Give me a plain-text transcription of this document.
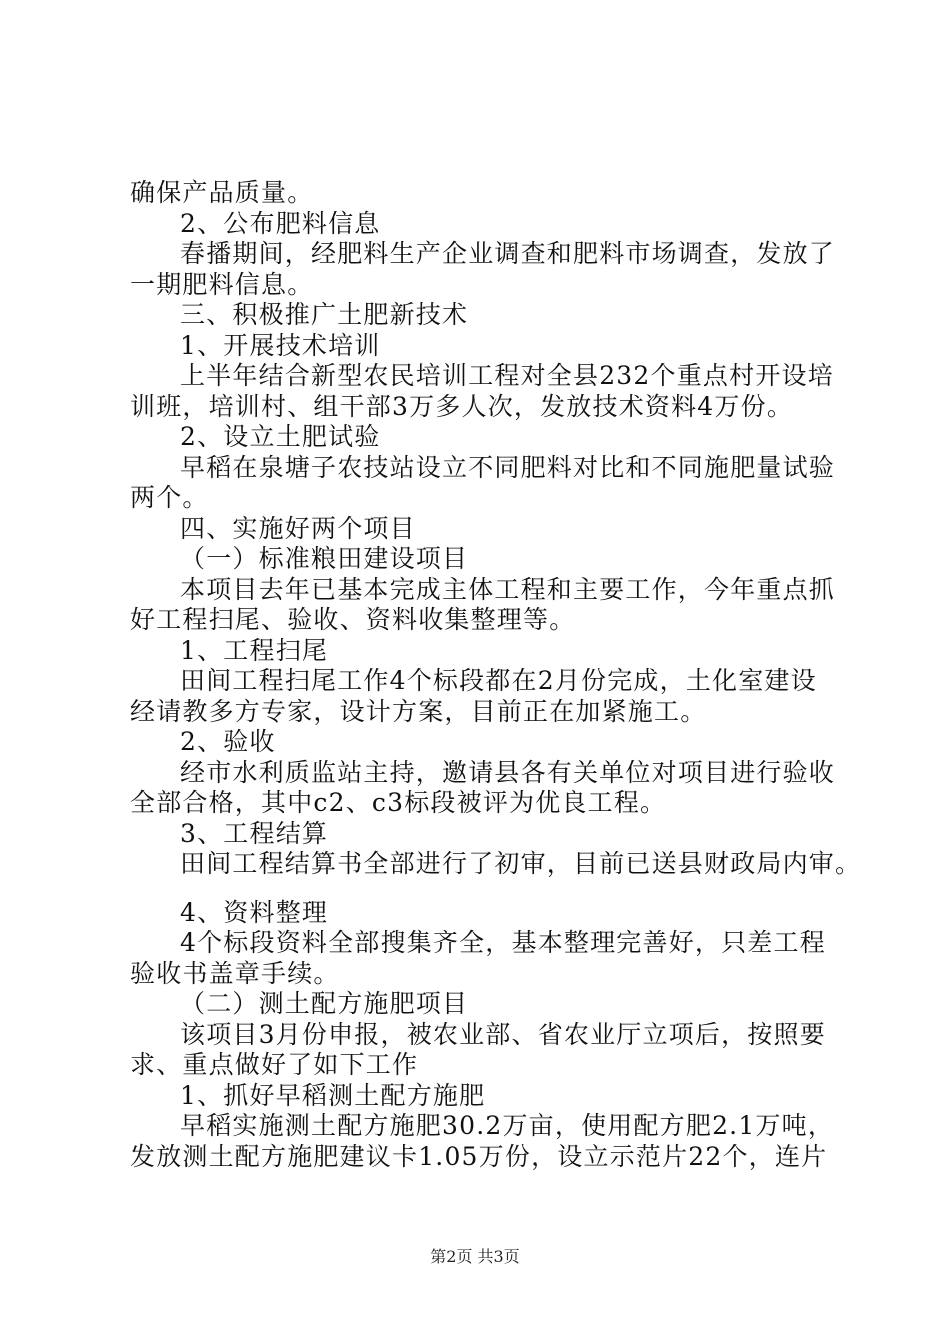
确保产品质量。
2、公布肥料信息
春播期间，经肥料生产企业调查和肥料市场调查，发放了
一期肥料信息。
三、积极推广土肥新技术
1、开展技术培训
上半年结合新型农民培训工程对全县232个重点村开设培
训班，培训村、组干部3万多人次，发放技术资料4万份。
2、设立土肥试验
早稻在泉塘子农技站设立不同肥料对比和不同施肥量试验
两个。
四、实施好两个项目
（一）标准粮田建设项目
本项目去年已基本完成主体工程和主要工作，今年重点抓
好工程扫尾、验收、资料收集整理等。
1、工程扫尾
田间工程扫尾工作4个标段都在2月份完成，土化室建设
经请教多方专家，设计方案，目前正在加紧施工。
2、验收
经市水利质监站主持，邀请县各有关单位对项目进行验收
全部合格，其中c2、c3标段被评为优良工程。
3、工程结算
田间工程结算书全部进行了初审，目前已送县财政局内审。
4、资料整理
4个标段资料全部搜集齐全，基本整理完善好，只差工程
验收书盖章手续。
（二）测土配方施肥项目
该项目3月份申报，被农业部、省农业厅立项后，按照要
求、重点做好了如下工作
1、抓好早稻测土配方施肥
早稻实施测土配方施肥30.2万亩，使用配方肥2.1万吨，
发放测土配方施肥建议卡1.05万份，设立示范片22个，连片
第2页 共3页
